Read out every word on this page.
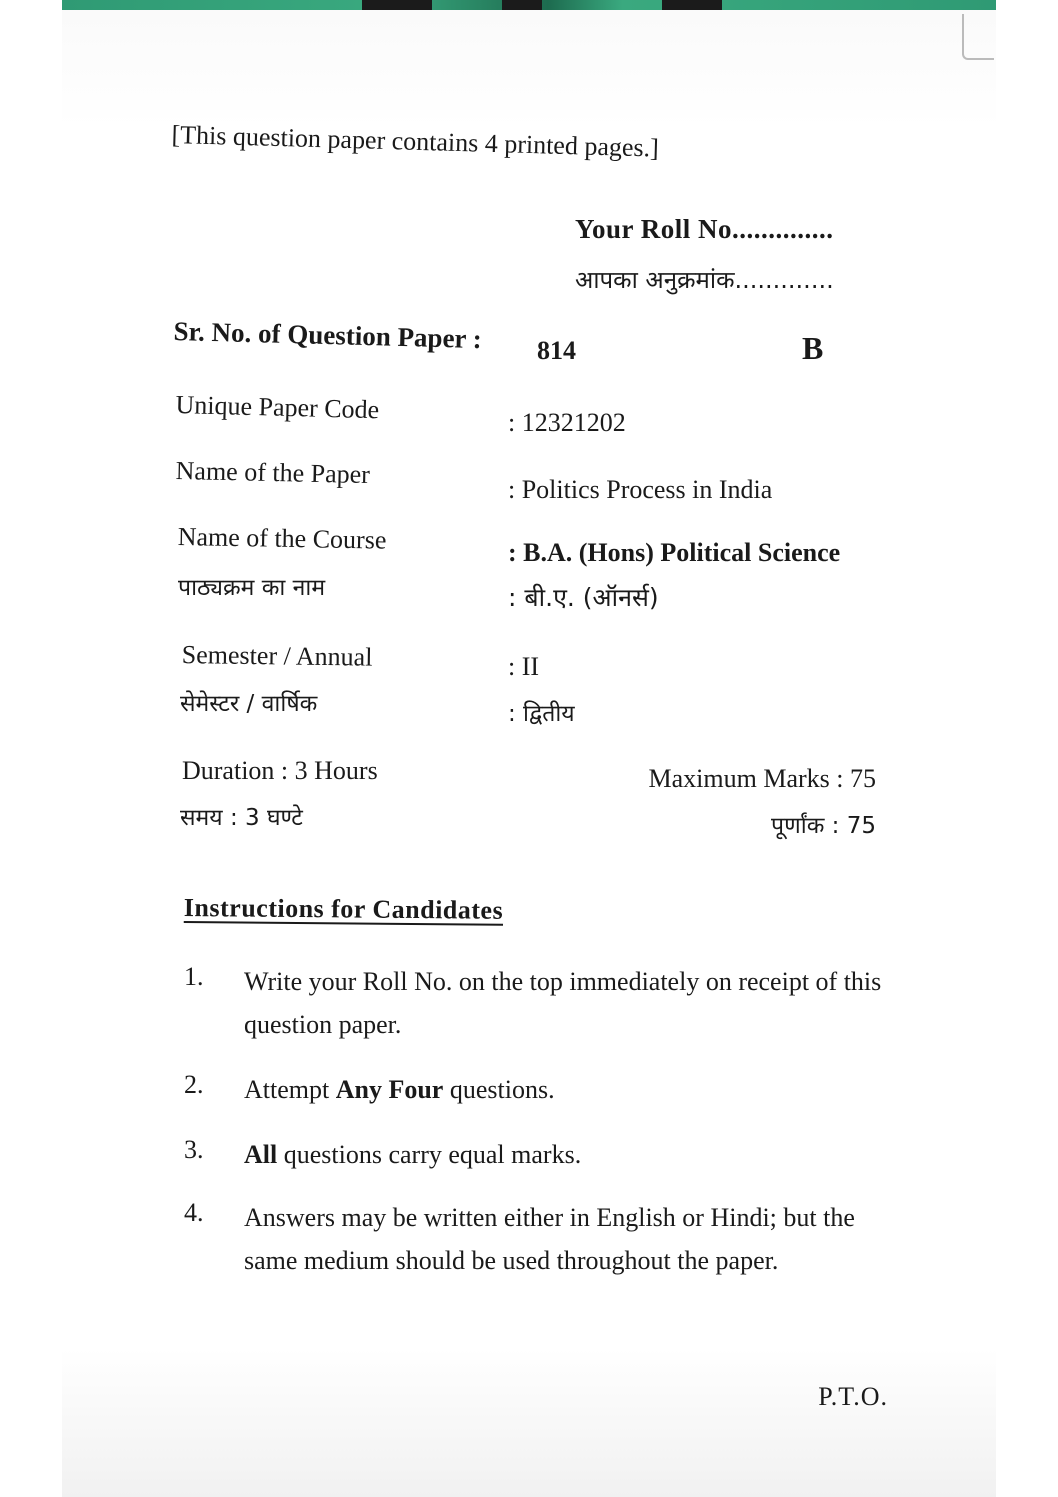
[This question paper contains 4 printed pages.]
Your Roll No..............
आपका अनुक्रमांक.............
Sr. No. of Question Paper : 814	B
Unique Paper Code
Name of the Paper
Name of the Course
पाठ्यक्रम का नाम
Semester / Annual
सेमेस्टर / वार्षिक
: 12321202
: Politics Process in India
: B.A. (Hons) Political Science
: बी.ए. (ऑनर्स)
: II
: द्वितीय
Duration : 3 Hours
समय : 3 घण्टे
Maximum Marks : 75
पूर्णांक : 75
Instructions for Candidates
1. Write your Roll No. on the top immediately on receipt of this question paper.
2. Attempt Any Four questions.
3. All questions carry equal marks.
4. Answers may be written either in English or Hindi; but the same medium should be used throughout the paper.
P.T.O.
